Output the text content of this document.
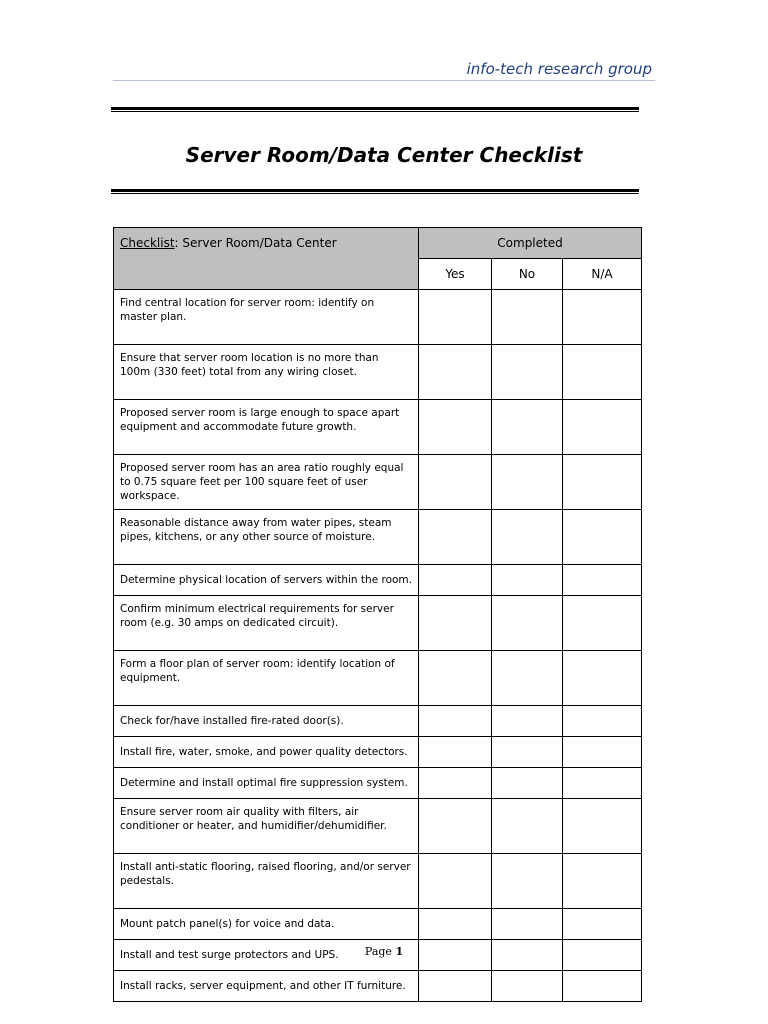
info-tech research group

Server Room/Data Center Checklist
Checklist: Server Room/Data Center	Completed		
	Yes	No	N/A
Find central location for server room: identify on master plan.			
Ensure that server room location is no more than 100m (330 feet) total from any wiring closet.			
Proposed server room is large enough to space apart equipment and accommodate future growth.			
Proposed server room has an area ratio roughly equal to 0.75 square feet per 100 square feet of user workspace.			
Reasonable distance away from water pipes, steam pipes, kitchens, or any other source of moisture.			
Determine physical location of servers within the room.			
Confirm minimum electrical requirements for server room (e.g. 30 amps on dedicated circuit).			
Form a floor plan of server room: identify location of equipment.			
Check for/have installed fire-rated door(s).			
Install fire, water, smoke, and power quality detectors.			
Determine and install optimal fire suppression system.			
Ensure server room air quality with filters, air conditioner or heater, and humidifier/dehumidifier.			
Install anti-static flooring, raised flooring, and/or server pedestals.			
Mount patch panel(s) for voice and data.			
Install and test surge protectors and UPS.			
Install racks, server equipment, and other IT furniture.			

Page 1
